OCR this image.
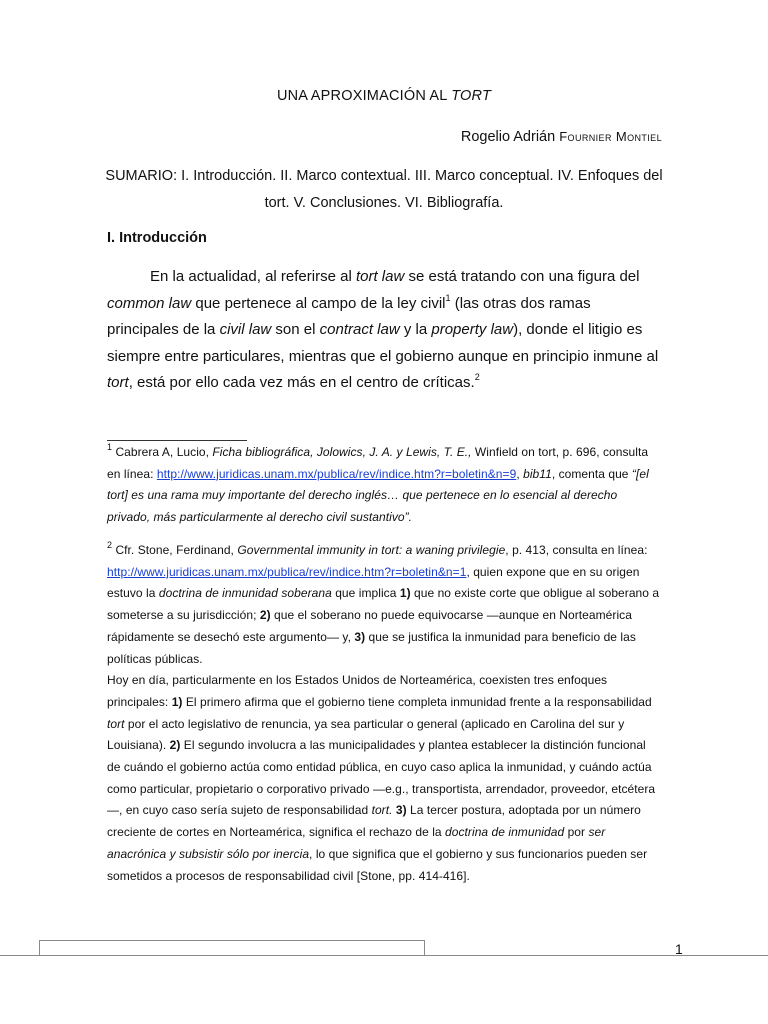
UNA APROXIMACIÓN AL TORT
Rogelio Adrián Fournier Montiel
SUMARIO: I. Introducción. II. Marco contextual. III. Marco conceptual. IV. Enfoques del tort. V. Conclusiones. VI. Bibliografía.
I. Introducción
En la actualidad, al referirse al tort law se está tratando con una figura del common law que pertenece al campo de la ley civil$^1$ (las otras dos ramas principales de la civil law son el contract law y la property law), donde el litigio es siempre entre particulares, mientras que el gobierno aunque en principio inmune al tort, está por ello cada vez más en el centro de críticas.$^2$
$^1$ Cabrera A, Lucio, Ficha bibliográfica, Jolowics, J. A. y Lewis, T. E., Winfield on tort, p. 696, consulta en línea: http://www.juridicas.unam.mx/publica/rev/indice.htm?r=boletin&n=9, bib11, comenta que “[el tort] es una rama muy importante del derecho inglés… que pertenece en lo esencial al derecho privado, más particularmente al derecho civil sustantivo”.
$^2$ Cfr. Stone, Ferdinand, Governmental immunity in tort: a waning privilegie, p. 413, consulta en línea: http://www.juridicas.unam.mx/publica/rev/indice.htm?r=boletin&n=1, quien expone que en su origen estuvo la doctrina de inmunidad soberana que implica 1) que no existe corte que obligue al soberano a someterse a su jurisdicción; 2) que el soberano no puede equivocarse —aunque en Norteamérica rápidamente se desechó este argumento— y, 3) que se justifica la inmunidad para beneficio de las políticas públicas.
Hoy en día, particularmente en los Estados Unidos de Norteamérica, coexisten tres enfoques principales: 1) El primero afirma que el gobierno tiene completa inmunidad frente a la responsabilidad tort por el acto legislativo de renuncia, ya sea particular o general (aplicado en Carolina del sur y Louisiana). 2) El segundo involucra a las municipalidades y plantea establecer la distinción funcional de cuándo el gobierno actúa como entidad pública, en cuyo caso aplica la inmunidad, y cuándo actúa como particular, propietario o corporativo privado —e.g., transportista, arrendador, proveedor, etcétera—, en cuyo caso sería sujeto de responsabilidad tort. 3) La tercer postura, adoptada por un número creciente de cortes en Norteamérica, significa el rechazo de la doctrina de inmunidad por ser anacrónica y subsistir sólo por inercia, lo que significa que el gobierno y sus funcionarios pueden ser sometidos a procesos de responsabilidad civil [Stone, pp. 414-416].
1
